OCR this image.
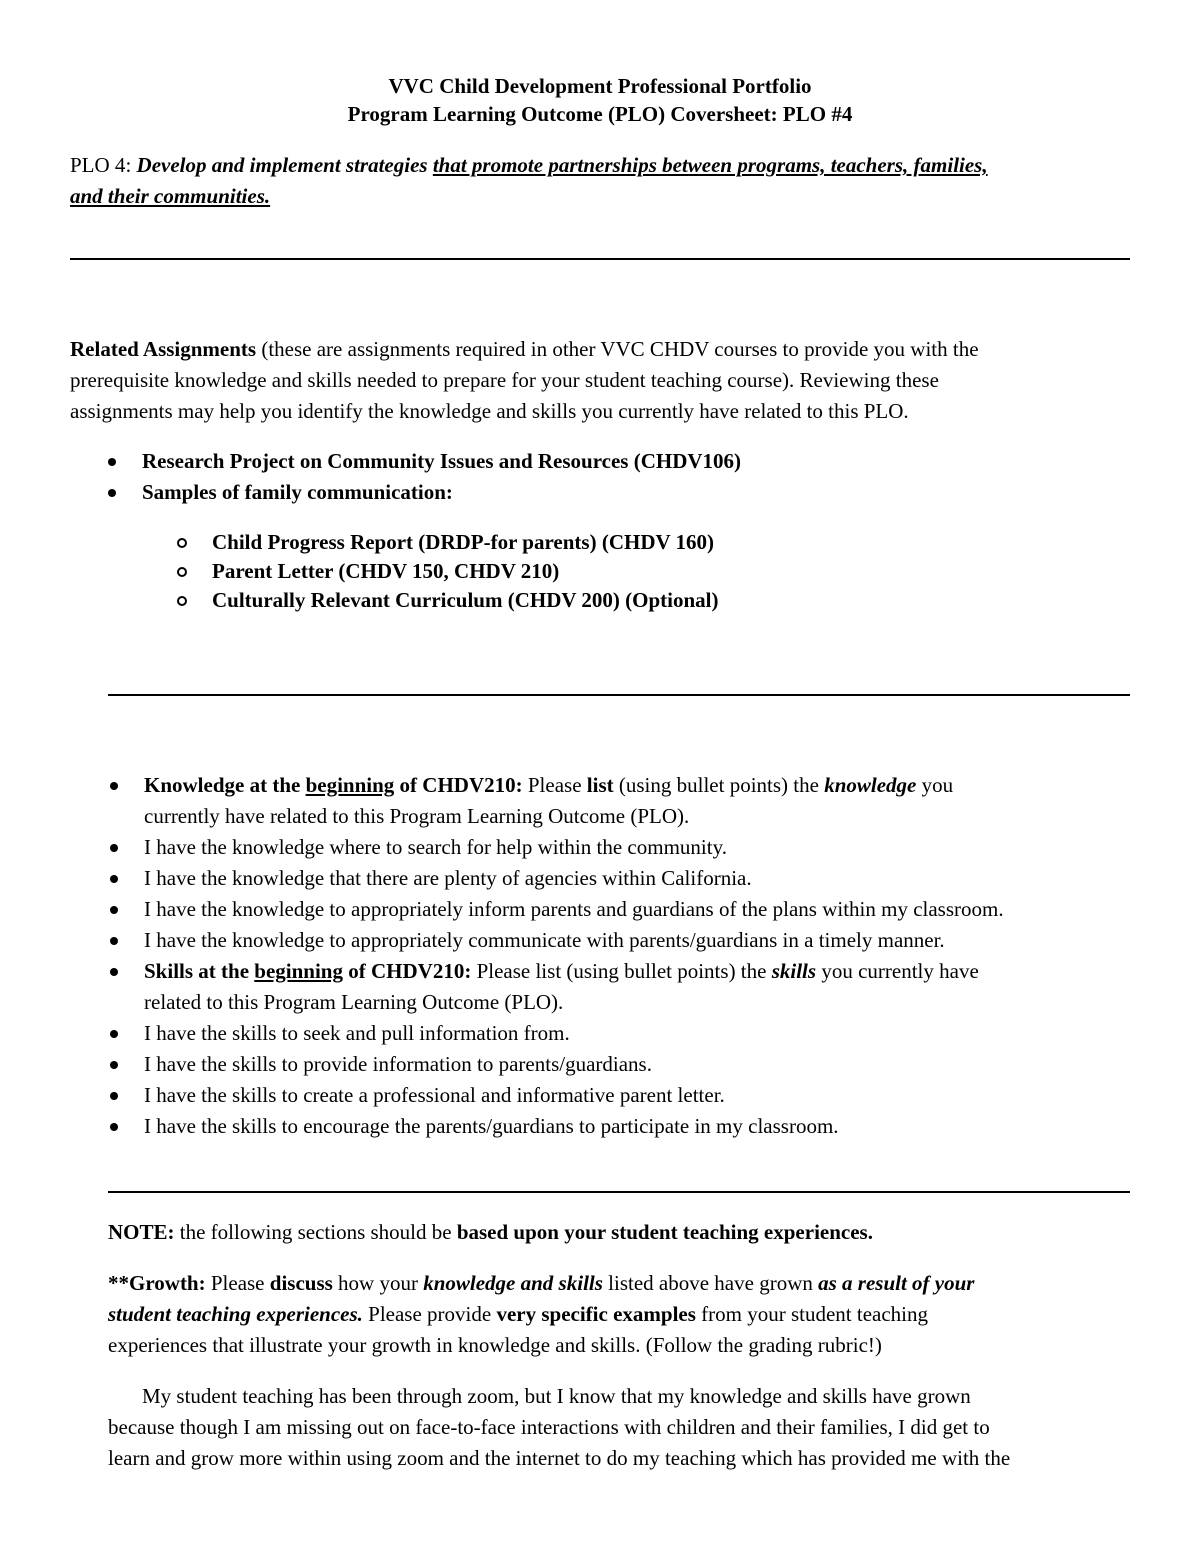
VVC Child Development Professional Portfolio
Program Learning Outcome (PLO) Coversheet: PLO #4
PLO 4: Develop and implement strategies that promote partnerships between programs, teachers, families,
and their communities.

Related Assignments (these are assignments required in other VVC CHDV courses to provide you with the

prerequisite knowledge and skills needed to prepare for your student teaching course). Reviewing these

assignments may help you identify the knowledge and skills you currently have related to this PLO.

Research Project on Community Issues and Resources (CHDV106)
Samples of family communication:
Child Progress Report (DRDP-for parents) (CHDV 160)
Parent Letter (CHDV 150, CHDV 210)
Culturally Relevant Curriculum (CHDV 200) (Optional)
Knowledge at the beginning of CHDV210: Please list (using bullet points) the knowledge you
currently have related to this Program Learning Outcome (PLO).
I have the knowledge where to search for help within the community.
I have the knowledge that there are plenty of agencies within California.
I have the knowledge to appropriately inform parents and guardians of the plans within my classroom.
I have the knowledge to appropriately communicate with parents/guardians in a timely manner.
Skills at the beginning of CHDV210: Please list (using bullet points) the skills you currently have
related to this Program Learning Outcome (PLO).
I have the skills to seek and pull information from.
I have the skills to provide information to parents/guardians.
I have the skills to create a professional and informative parent letter.
I have the skills to encourage the parents/guardians to participate in my classroom.
NOTE: the following sections should be based upon your student teaching experiences.

**Growth: Please discuss how your knowledge and skills listed above have grown as a result of your

student teaching experiences. Please provide very specific examples from your student teaching

experiences that illustrate your growth in knowledge and skills. (Follow the grading rubric!)

My student teaching has been through zoom, but I know that my knowledge and skills have grown

because though I am missing out on face-to-face interactions with children and their families, I did get to

learn and grow more within using zoom and the internet to do my teaching which has provided me with the
